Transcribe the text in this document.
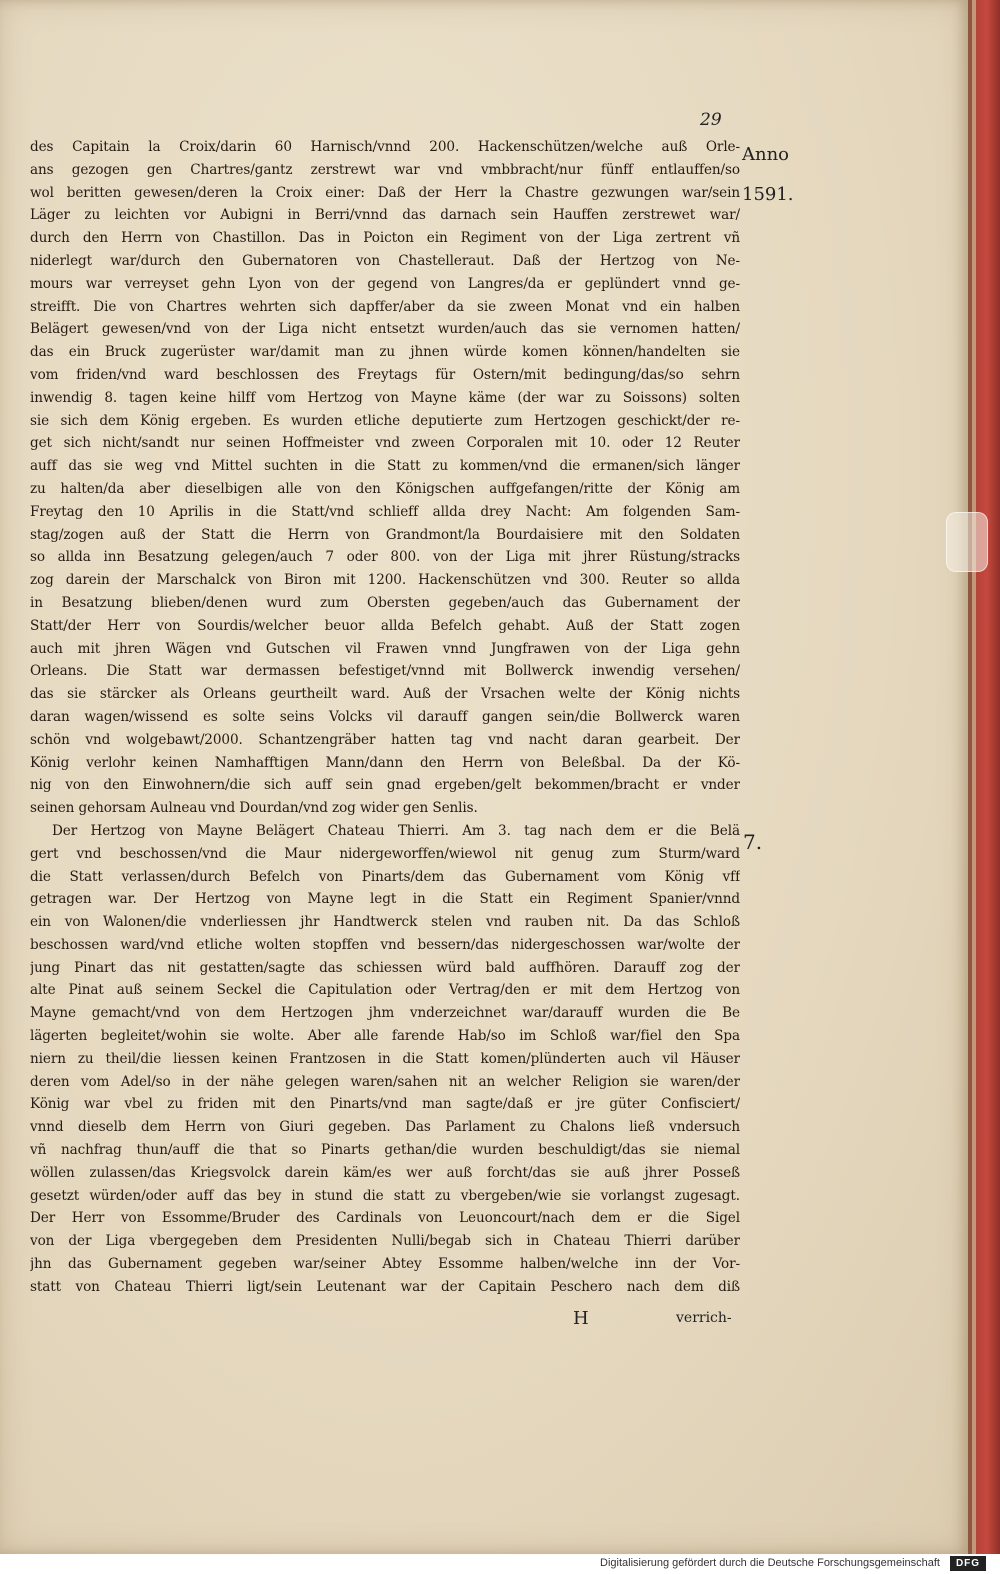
29
Anno 1591.
7.
des Capitain la Croix/darin 60 Harnisch/vnnd 200. Hackenschützen/welche auß Orle-
ans gezogen gen Chartres/gantz zerstrewt war vnd vmbbracht/nur fünff entlauffen/so
wol beritten gewesen/deren la Croix einer: Daß der Herr la Chastre gezwungen war/sein
Läger zu leichten vor Aubigni in Berri/vnnd das darnach sein Hauffen zerstrewet war/
durch den Herrn von Chastillon. Das in Poicton ein Regiment von der Liga zertrent vñ
niderlegt war/durch den Gubernatoren von Chastelleraut. Daß der Hertzog von Ne-
mours war verreyset gehn Lyon von der gegend von Langres/da er geplündert vnnd ge-
streifft. Die von Chartres wehrten sich dapffer/aber da sie zween Monat vnd ein halben
Belägert gewesen/vnd von der Liga nicht entsetzt wurden/auch das sie vernomen hatten/
das ein Bruck zugerüster war/damit man zu jhnen würde komen können/handelten sie
vom friden/vnd ward beschlossen des Freytags für Ostern/mit bedingung/das/so sehrn
inwendig 8. tagen keine hilff vom Hertzog von Mayne käme (der war zu Soissons) solten
sie sich dem König ergeben. Es wurden etliche deputierte zum Hertzogen geschickt/der re-
get sich nicht/sandt nur seinen Hoffmeister vnd zween Corporalen mit 10. oder 12 Reuter
auff das sie weg vnd Mittel suchten in die Statt zu kommen/vnd die ermanen/sich länger
zu halten/da aber dieselbigen alle von den Königschen auffgefangen/ritte der König am
Freytag den 10 Aprilis in die Statt/vnd schlieff allda drey Nacht: Am folgenden Sam-
stag/zogen auß der Statt die Herrn von Grandmont/la Bourdaisiere mit den Soldaten
so allda inn Besatzung gelegen/auch 7 oder 800. von der Liga mit jhrer Rüstung/stracks
zog darein der Marschalck von Biron mit 1200. Hackenschützen vnd 300. Reuter so allda
in Besatzung blieben/denen wurd zum Obersten gegeben/auch das Gubernament der
Statt/der Herr von Sourdis/welcher beuor allda Befelch gehabt. Auß der Statt zogen
auch mit jhren Wägen vnd Gutschen vil Frawen vnnd Jungfrawen von der Liga gehn
Orleans. Die Statt war dermassen befestiget/vnnd mit Bollwerck inwendig versehen/
das sie stärcker als Orleans geurtheilt ward. Auß der Vrsachen welte der König nichts
daran wagen/wissend es solte seins Volcks vil darauff gangen sein/die Bollwerck waren
schön vnd wolgebawt/2000. Schantzengräber hatten tag vnd nacht daran gearbeit. Der
König verlohr keinen Namhafftigen Mann/dann den Herrn von Beleßbal. Da der Kö-
nig von den Einwohnern/die sich auff sein gnad ergeben/gelt bekommen/bracht er vnder
seinen gehorsam Aulneau vnd Dourdan/vnd zog wider gen Senlis.
Der Hertzog von Mayne Belägert Chateau Thierri. Am 3. tag nach dem er die Belä
gert vnd beschossen/vnd die Maur nidergeworffen/wiewol nit genug zum Sturm/ward
die Statt verlassen/durch Befelch von Pinarts/dem das Gubernament vom König vff
getragen war. Der Hertzog von Mayne legt in die Statt ein Regiment Spanier/vnnd
ein von Walonen/die vnderliessen jhr Handtwerck stelen vnd rauben nit. Da das Schloß
beschossen ward/vnd etliche wolten stopffen vnd bessern/das nidergeschossen war/wolte der
jung Pinart das nit gestatten/sagte das schiessen würd bald auffhören. Darauff zog der
alte Pinat auß seinem Seckel die Capitulation oder Vertrag/den er mit dem Hertzog von
Mayne gemacht/vnd von dem Hertzogen jhm vnderzeichnet war/darauff wurden die Be
lägerten begleitet/wohin sie wolte. Aber alle farende Hab/so im Schloß war/fiel den Spa
niern zu theil/die liessen keinen Frantzosen in die Statt komen/plünderten auch vil Häuser
deren vom Adel/so in der nähe gelegen waren/sahen nit an welcher Religion sie waren/der
König war vbel zu friden mit den Pinarts/vnd man sagte/daß er jre güter Confisciert/
vnnd dieselb dem Herrn von Giuri gegeben. Das Parlament zu Chalons ließ vndersuch
vñ nachfrag thun/auff die that so Pinarts gethan/die wurden beschuldigt/das sie niemal
wöllen zulassen/das Kriegsvolck darein käm/es wer auß forcht/das sie auß jhrer Posseß
gesetzt würden/oder auff das bey in stund die statt zu vbergeben/wie sie vorlangst zugesagt.
Der Herr von Essomme/Bruder des Cardinals von Leuoncourt/nach dem er die Sigel
von der Liga vbergegeben dem Presidenten Nulli/begab sich in Chateau Thierri darüber
jhn das Gubernament gegeben war/seiner Abtey Essomme halben/welche inn der Vor-
statt von Chateau Thierri ligt/sein Leutenant war der Capitain Peschero nach dem diß
H	verrich-
Digitalisierung gefördert durch die Deutsche Forschungsgemeinschaft	DFG
